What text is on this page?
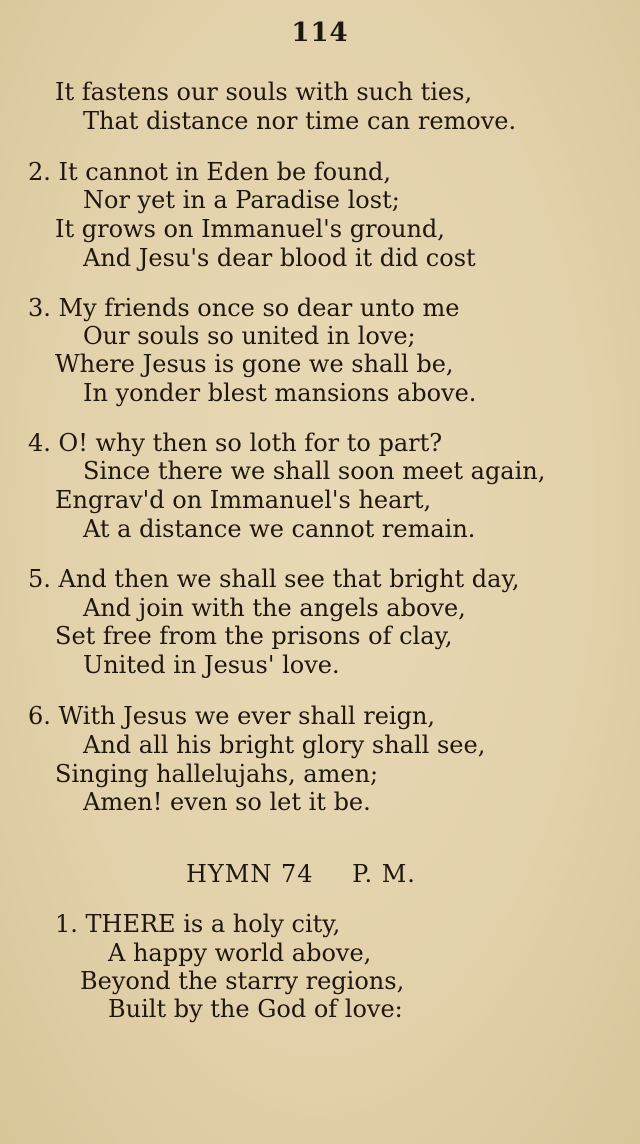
114
It fastens our souls with such ties,
That distance nor time can remove.
2. It cannot in Eden be found,
Nor yet in a Paradise lost;
It grows on Immanuel's ground,
And Jesu's dear blood it did cost
3. My friends once so dear unto me
Our souls so united in love;
Where Jesus is gone we shall be,
In yonder blest mansions above.
4. O! why then so loth for to part?
Since there we shall soon meet again,
Engrav'd on Immanuel's heart,
At a distance we cannot remain.
5. And then we shall see that bright day,
And join with the angels above,
Set free from the prisons of clay,
United in Jesus' love.
6. With Jesus we ever shall reign,
And all his bright glory shall see,
Singing hallelujahs, amen;
Amen! even so let it be.
HYMN 74 P. M.
1. THERE is a holy city,
A happy world above,
Beyond the starry regions,
Built by the God of love:
